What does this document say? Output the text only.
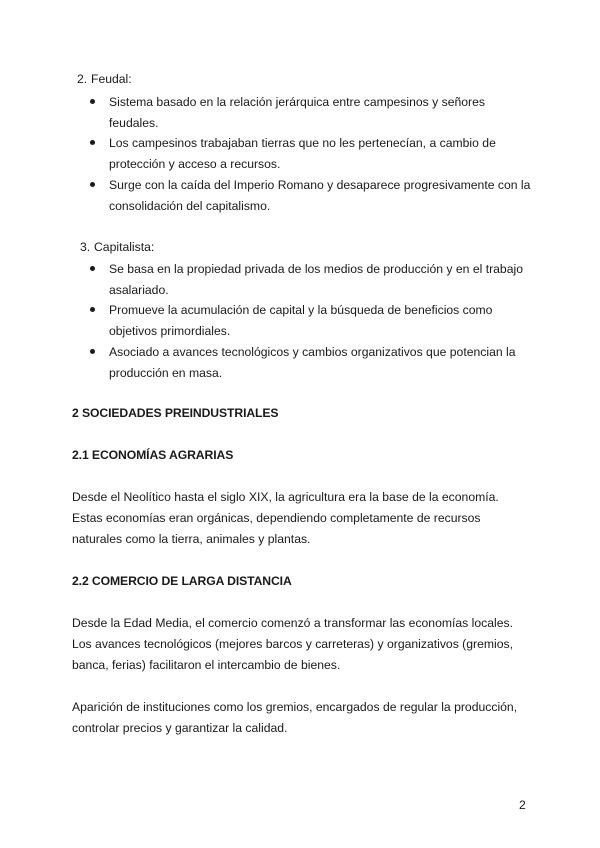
2. Feudal:
Sistema basado en la relación jerárquica entre campesinos y señores
feudales.
Los campesinos trabajaban tierras que no les pertenecían, a cambio de
protección y acceso a recursos.
Surge con la caída del Imperio Romano y desaparece progresivamente con la
consolidación del capitalismo.
3. Capitalista:
Se basa en la propiedad privada de los medios de producción y en el trabajo
asalariado.
Promueve la acumulación de capital y la búsqueda de beneficios como
objetivos primordiales.
Asociado a avances tecnológicos y cambios organizativos que potencian la
producción en masa.
2 SOCIEDADES PREINDUSTRIALES
2.1 ECONOMÍAS AGRARIAS
Desde el Neolítico hasta el siglo XIX, la agricultura era la base de la economía.
Estas economías eran orgánicas, dependiendo completamente de recursos
naturales como la tierra, animales y plantas.
2.2 COMERCIO DE LARGA DISTANCIA
Desde la Edad Media, el comercio comenzó a transformar las economías locales.
Los avances tecnológicos (mejores barcos y carreteras) y organizativos (gremios,
banca, ferias) facilitaron el intercambio de bienes.
Aparición de instituciones como los gremios, encargados de regular la producción,
controlar precios y garantizar la calidad.
2
